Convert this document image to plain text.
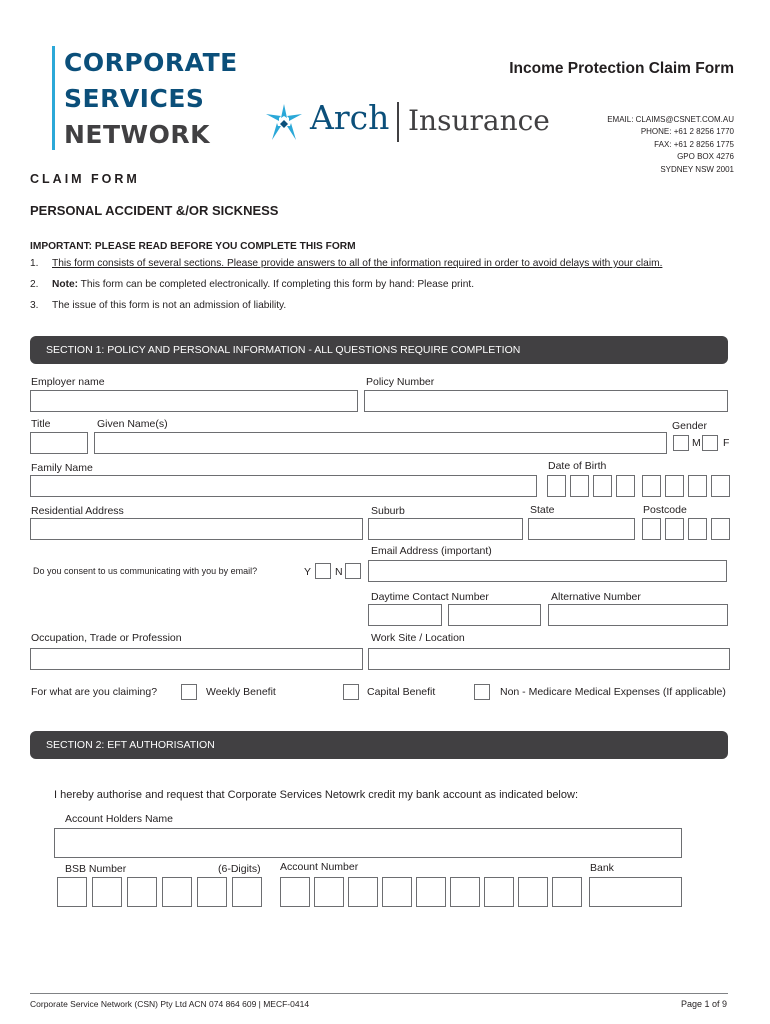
CORPORATE
SERVICES
NETWORK	Arch Insurance
Income Protection Claim Form
EMAIL: CLAIMS@CSNET.COM.AU
PHONE: +61 2 8256 1770
FAX: +61 2 8256 1775
GPO BOX 4276
SYDNEY NSW 2001
CLAIM FORM
PERSONAL ACCIDENT &/OR SICKNESS
IMPORTANT: PLEASE READ BEFORE YOU COMPLETE THIS FORM
1. This form consists of several sections. Please provide answers to all of the information required in order to avoid delays with your claim.
2. Note: This form can be completed electronically. If completing this form by hand: Please print.
3. The issue of this form is not an admission of liability.
SECTION 1: POLICY AND PERSONAL INFORMATION - ALL QUESTIONS REQUIRE COMPLETION
Employer name	Policy Number
Title	Given Name(s)	Gender
M F
Family Name	Date of Birth
Residential Address	Suburb	State	Postcode
Email Address (important)
Do you consent to us communicating with you by email?	Y N
Daytime Contact Number	Alternative Number
Occupation, Trade or Profession	Work Site / Location
For what are you claiming?	Weekly Benefit	Capital Benefit	Non - Medicare Medical Expenses (If applicable)
SECTION 2: EFT AUTHORISATION
I hereby authorise and request that Corporate Services Netowrk credit my bank account as indicated below:
Account Holders Name
BSB Number	(6-Digits) Account Number	Bank
Corporate Service Network (CSN) Pty Ltd ACN 074 864 609 | MECF-0414	Page 1 of 9
